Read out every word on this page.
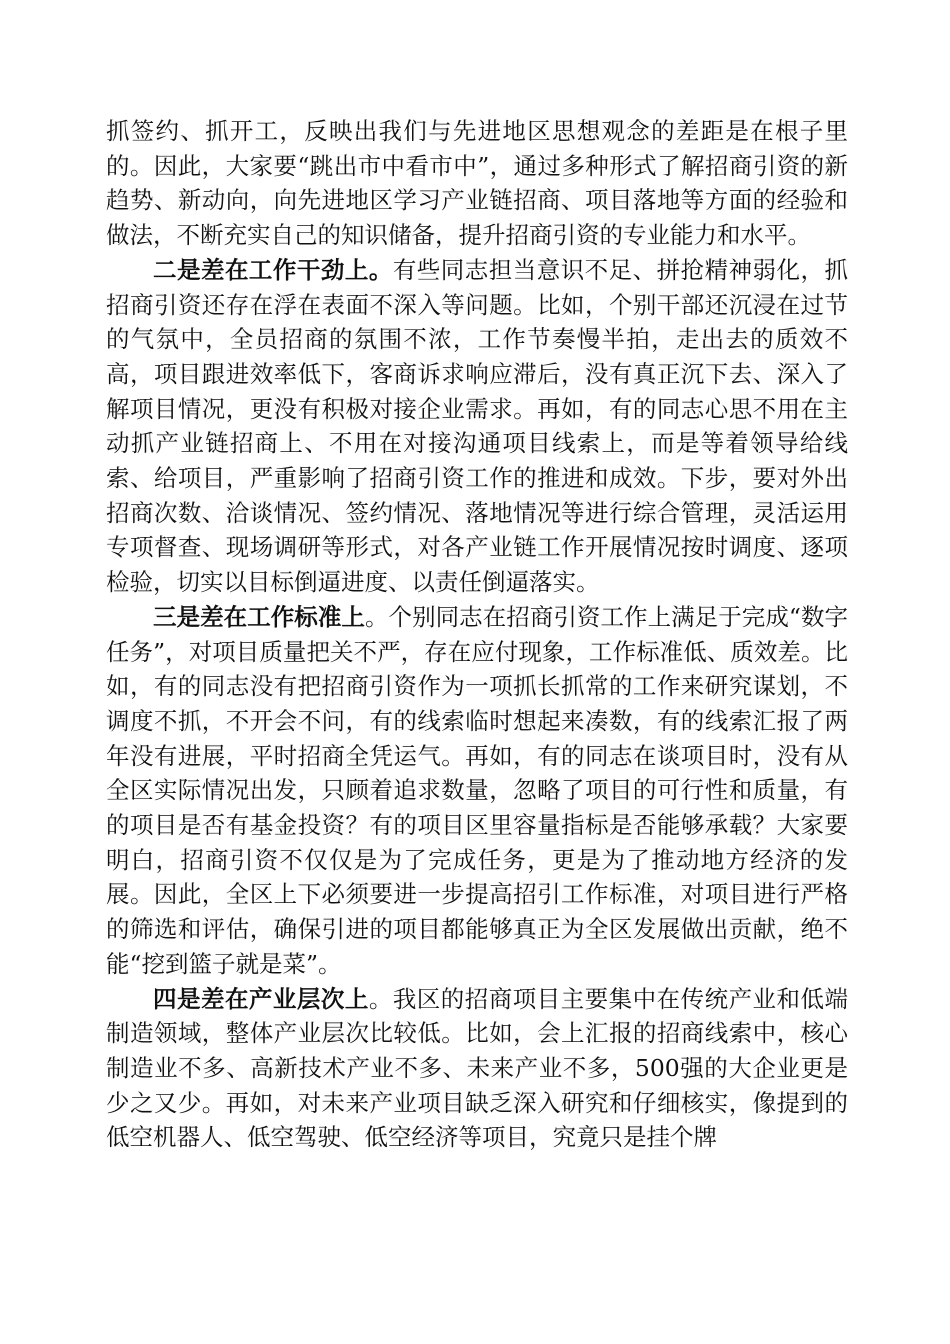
抓签约、抓开工，反映出我们与先进地区思想观念的差距是在根子里的。因此，大家要“跳出市中看市中”，通过多种形式了解招商引资的新趋势、新动向，向先进地区学习产业链招商、项目落地等方面的经验和做法，不断充实自己的知识储备，提升招商引资的专业能力和水平。

二是差在工作干劲上。有些同志担当意识不足、拼抢精神弱化，抓招商引资还存在浮在表面不深入等问题。比如，个别干部还沉浸在过节的气氛中，全员招商的氛围不浓，工作节奏慢半拍，走出去的质效不高，项目跟进效率低下，客商诉求响应滞后，没有真正沉下去、深入了解项目情况，更没有积极对接企业需求。再如，有的同志心思不用在主动抓产业链招商上、不用在对接沟通项目线索上，而是等着领导给线索、给项目，严重影响了招商引资工作的推进和成效。下步，要对外出招商次数、洽谈情况、签约情况、落地情况等进行综合管理，灵活运用专项督查、现场调研等形式，对各产业链工作开展情况按时调度、逐项检验，切实以目标倒逼进度、以责任倒逼落实。

三是差在工作标准上。个别同志在招商引资工作上满足于完成“数字任务”，对项目质量把关不严，存在应付现象，工作标准低、质效差。比如，有的同志没有把招商引资作为一项抓长抓常的工作来研究谋划，不调度不抓，不开会不问，有的线索临时想起来凑数，有的线索汇报了两年没有进展，平时招商全凭运气。再如，有的同志在谈项目时，没有从全区实际情况出发，只顾着追求数量，忽略了项目的可行性和质量，有的项目是否有基金投资？有的项目区里容量指标是否能够承载？大家要明白，招商引资不仅仅是为了完成任务，更是为了推动地方经济的发展。因此，全区上下必须要进一步提高招引工作标准，对项目进行严格的筛选和评估，确保引进的项目都能够真正为全区发展做出贡献，绝不能“挖到篮子就是菜”。

四是差在产业层次上。我区的招商项目主要集中在传统产业和低端制造领域，整体产业层次比较低。比如，会上汇报的招商线索中，核心制造业不多、高新技术产业不多、未来产业不多，500强的大企业更是少之又少。再如，对未来产业项目缺乏深入研究和仔细核实，像提到的低空机器人、低空驾驶、低空经济等项目，究竟只是挂个牌
